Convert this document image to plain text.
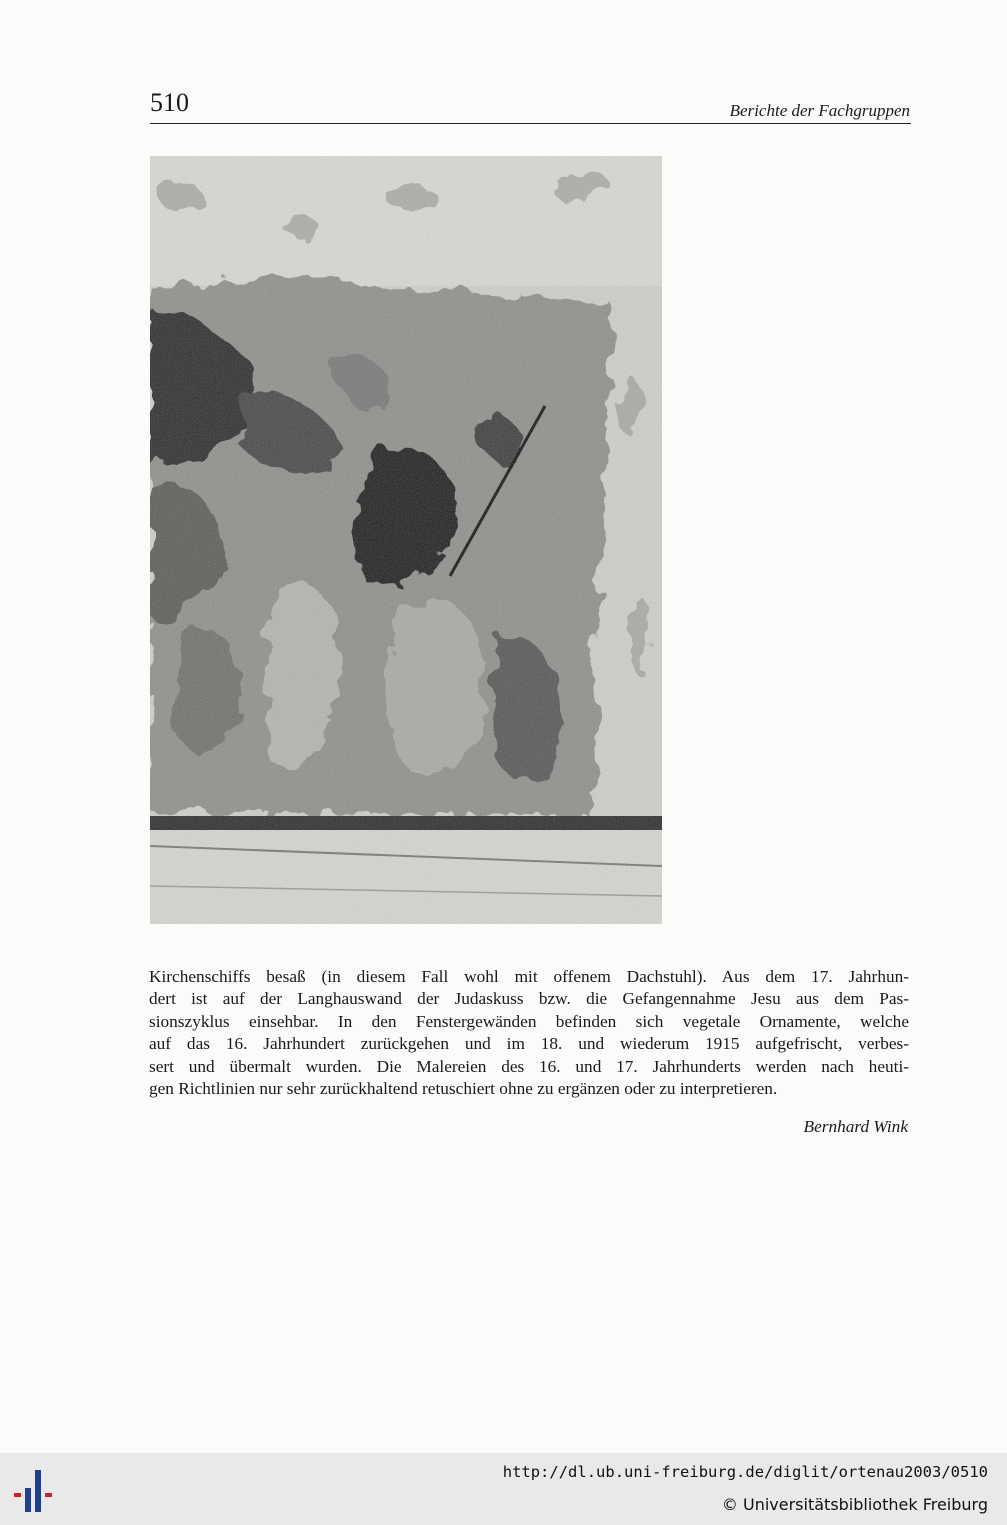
510	Berichte der Fachgruppen

Kirchenschiffs besaß (in diesem Fall wohl mit offenem Dachstuhl). Aus dem 17. Jahrhun-
dert ist auf der Langhauswand der Judaskuss bzw. die Gefangennahme Jesu aus dem Pas-
sionszyklus einsehbar. In den Fenstergewänden befinden sich vegetale Ornamente, welche
auf das 16. Jahrhundert zurückgehen und im 18. und wiederum 1915 aufgefrischt, verbes-
sert und übermalt wurden. Die Malereien des 16. und 17. Jahrhunderts werden nach heuti-
gen Richtlinien nur sehr zurückhaltend retuschiert ohne zu ergänzen oder zu interpretieren.

Bernhard Wink
http://dl.ub.uni-freiburg.de/diglit/ortenau2003/0510
© Universitätsbibliothek Freiburg
